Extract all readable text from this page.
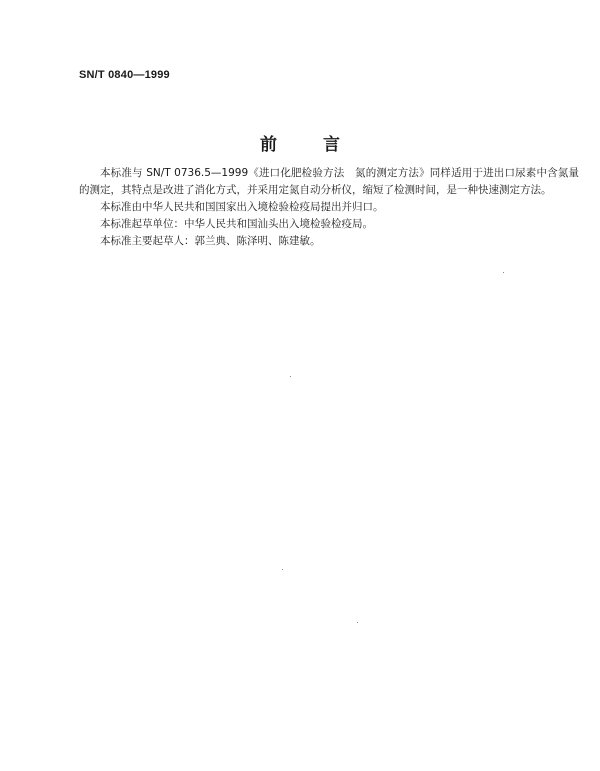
SN/T 0840—1999
前	言

本标准与 SN/T 0736.5—1999《进口化肥检验方法　氮的测定方法》同样适用于进出口尿素中含氮量的测定，其特点是改进了消化方式，并采用定氮自动分析仪，缩短了检测时间，是一种快速测定方法。

本标准由中华人民共和国国家出入境检验检疫局提出并归口。

本标准起草单位：中华人民共和国汕头出入境检验检疫局。

本标准主要起草人：郭兰典、陈泽明、陈建敏。
